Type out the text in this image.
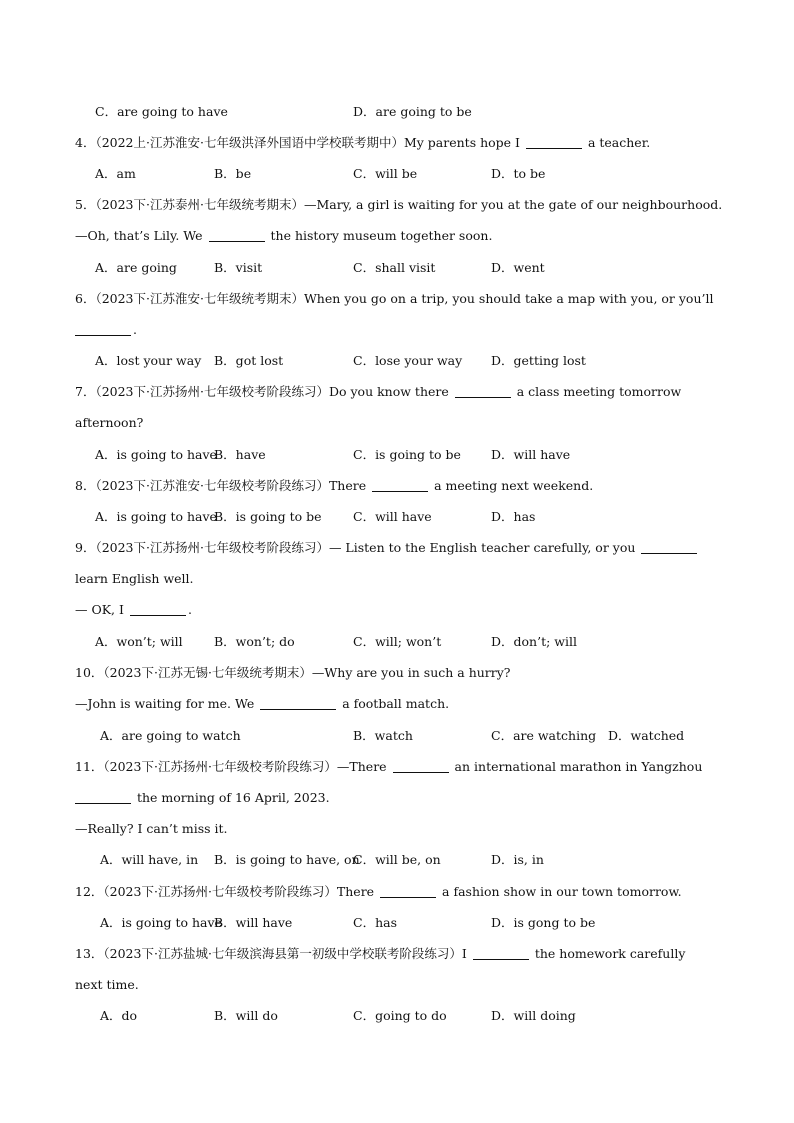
C．are going to have	D．are going to be
4．（2022上·江苏淮安·七年级洪泽外国语中学校联考期中）My parents hope I	a teacher.
A．am	B．be	C．will be	D．to be
5．（2023下·江苏泰州·七年级统考期末）—Mary, a girl is waiting for you at the gate of our neighbourhood.
—Oh, that’s Lily. We	the history museum together soon.
A．are going	B．visit	C．shall visit	D．went
6．（2023下·江苏淮安·七年级统考期末）When you go on a trip, you should take a map with you, or you’ll
.
A．lost your way B．got lost	C．lose your way D．getting lost
7．（2023下·江苏扬州·七年级校考阶段练习）Do you know there	a class meeting tomorrow
afternoon?
A．is going to have
B．have	C．is going to be D．will have
8．（2023下·江苏淮安·七年级校考阶段练习）There	a meeting next weekend.
A．is going to have
B．is going to be	C．will have	D．has
9．（2023下·江苏扬州·七年级校考阶段练习）— Listen to the English teacher carefully, or you
learn English well.
— OK, I	.
A．won’t; will	B．won’t; do	C．will; won’t	D．don’t; will
10．（2023下·江苏无锡·七年级统考期末）—Why are you in such a hurry?
—John is waiting for me. We	a football match.
A．are going to watch	B．watch	C．are watching D．watched
11．（2023下·江苏扬州·七年级校考阶段练习）—There	an international marathon in Yangzhou
the morning of 16 April, 2023.
—Really? I can’t miss it.
A．will have, in B．is going to have, on
C．will be, on	D．is, in
12．（2023下·江苏扬州·七年级校考阶段练习）There	a fashion show in our town tomorrow.
A．is going to have
B．will have	C．has	D．is gong to be
13．（2023下·江苏盐城·七年级滨海县第一初级中学校联考阶段练习）I	the homework carefully
next time.
A．do	B．will do	C．going to do	D．will doing
